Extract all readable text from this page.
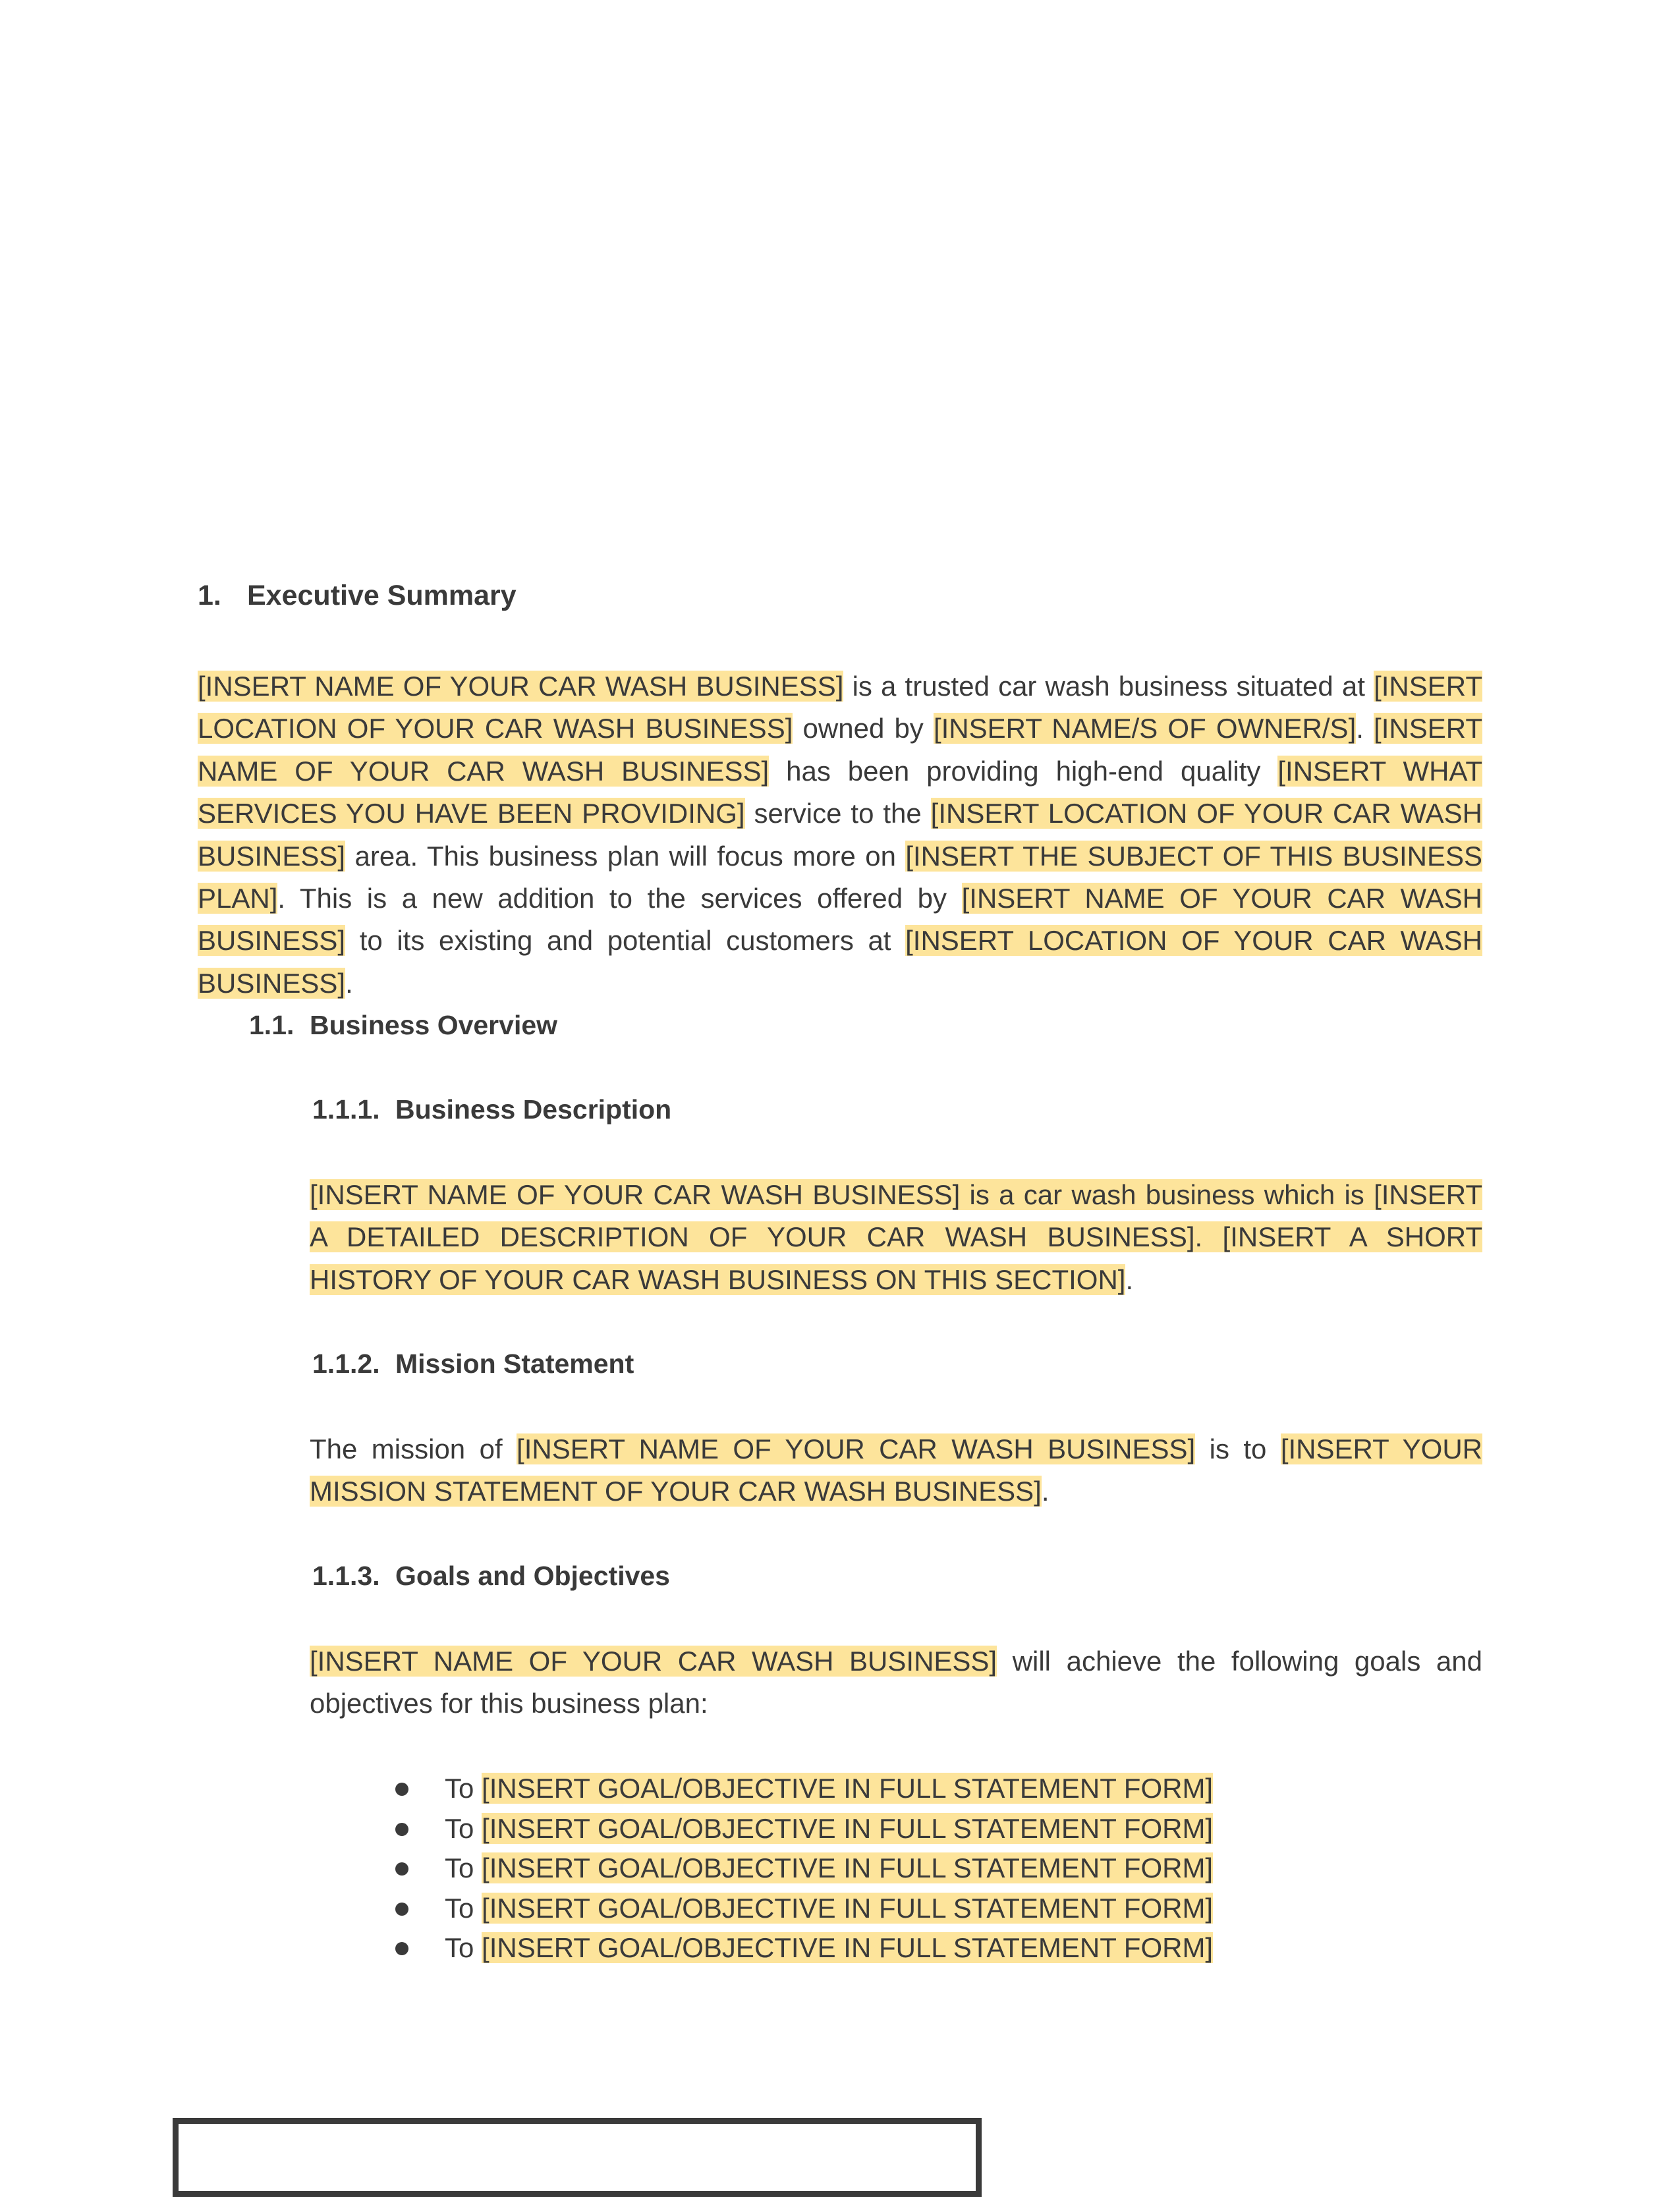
1. Executive Summary

[INSERT NAME OF YOUR CAR WASH BUSINESS] is a trusted car wash business situated at [INSERT LOCATION OF YOUR CAR WASH BUSINESS] owned by [INSERT NAME/S OF OWNER/S]. [INSERT NAME OF YOUR CAR WASH BUSINESS] has been providing high-end quality [INSERT WHAT SERVICES YOU HAVE BEEN PROVIDING] service to the [INSERT LOCATION OF YOUR CAR WASH BUSINESS] area. This business plan will focus more on [INSERT THE SUBJECT OF THIS BUSINESS PLAN]. This is a new addition to the services offered by [INSERT NAME OF YOUR CAR WASH BUSINESS] to its existing and potential customers at [INSERT LOCATION OF YOUR CAR WASH BUSINESS].

1.1. Business Overview
1.1.1. Business Description

[INSERT NAME OF YOUR CAR WASH BUSINESS] is a car wash business which is [INSERT A DETAILED DESCRIPTION OF YOUR CAR WASH BUSINESS]. [INSERT A SHORT HISTORY OF YOUR CAR WASH BUSINESS ON THIS SECTION].

1.1.2. Mission Statement

The mission of [INSERT NAME OF YOUR CAR WASH BUSINESS] is to [INSERT YOUR MISSION STATEMENT OF YOUR CAR WASH BUSINESS].

1.1.3. Goals and Objectives

[INSERT NAME OF YOUR CAR WASH BUSINESS] will achieve the following goals and objectives for this business plan:

To [INSERT GOAL/OBJECTIVE IN FULL STATEMENT FORM]
To [INSERT GOAL/OBJECTIVE IN FULL STATEMENT FORM]
To [INSERT GOAL/OBJECTIVE IN FULL STATEMENT FORM]
To [INSERT GOAL/OBJECTIVE IN FULL STATEMENT FORM]
To [INSERT GOAL/OBJECTIVE IN FULL STATEMENT FORM]
